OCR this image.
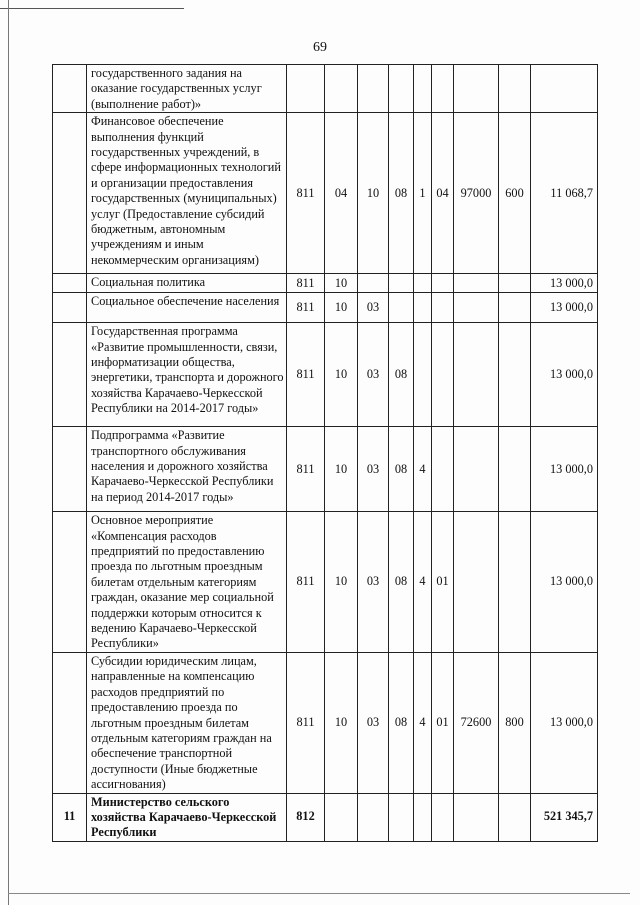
69
	государственного задания на оказание государственных услуг (выполнение работ)»									
	Финансовое обеспечение выполнения функций государственных учреждений, в сфере информационных технологий и организации предоставления государственных (муниципальных) услуг (Предоставление субсидий бюджетным, автономным учреждениям и иным некоммерческим организациям)	811	04	10	08	1	04	97000	600	11 068,7
	Социальная политика	811	10							13 000,0
	Социальное обеспечение населения	811	10	03						13 000,0
	Государственная программа «Развитие промышленности, связи, информатизации общества, энергетики, транспорта и дорожного хозяйства Карачаево-Черкесской Республики на 2014-2017 годы»	811	10	03	08					13 000,0
	Подпрограмма «Развитие транспортного обслуживания населения и дорожного хозяйства Карачаево-Черкесской Республики на период 2014-2017 годы»	811	10	03	08	4				13 000,0
	Основное мероприятие «Компенсация расходов предприятий по предоставлению проезда по льготным проездным билетам отдельным категориям граждан, оказание мер социальной поддержки которым относится к ведению Карачаево-Черкесской Республики»	811	10	03	08	4	01			13 000,0
	Субсидии юридическим лицам, направленные на компенсацию расходов предприятий по предоставлению проезда по льготным проездным билетам отдельным категориям граждан на обеспечение транспортной доступности (Иные бюджетные ассигнования)	811	10	03	08	4	01	72600	800	13 000,0
11	Министерство сельского хозяйства Карачаево-Черкесской Республики	812								521 345,7
